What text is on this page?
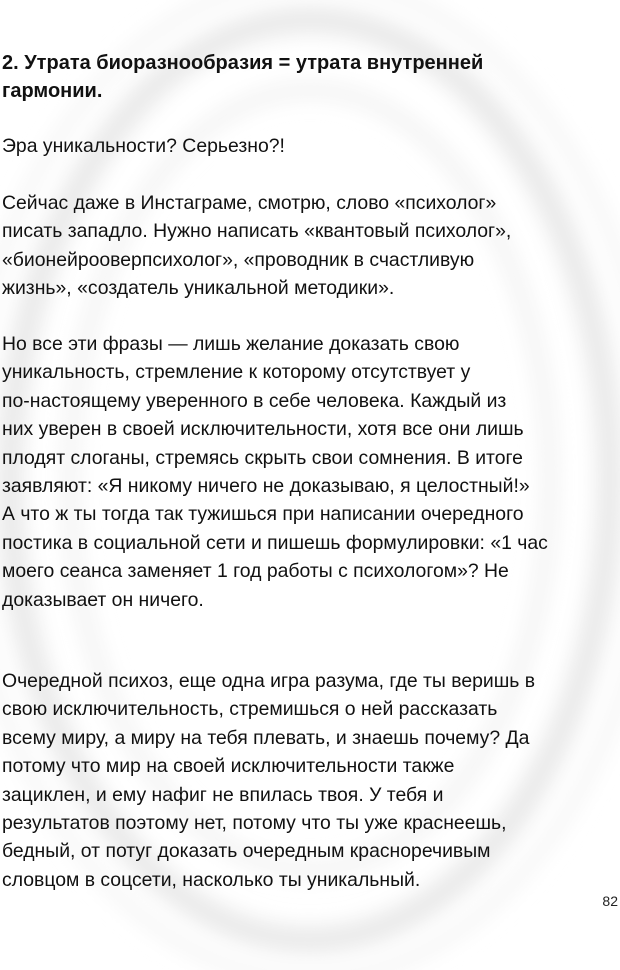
2. Утрата биоразнообразия = утрата внутренней
гармонии.

Эра уникальности? Серьезно?!

Сейчас даже в Инстаграме, смотрю, слово «психолог»
писать западло. Нужно написать «квантовый психолог»,
«бионейрооверпсихолог», «проводник в счастливую
жизнь», «создатель уникальной методики».

Но все эти фразы — лишь желание доказать свою
уникальность, стремление к которому отсутствует у
по-настоящему уверенного в себе человека. Каждый из
них уверен в своей исключительности, хотя все они лишь
плодят слоганы, стремясь скрыть свои сомнения. В итоге
заявляют: «Я никому ничего не доказываю, я целостный!»
А что ж ты тогда так тужишься при написании очередного
постика в социальной сети и пишешь формулировки: «1 час
моего сеанса заменяет 1 год работы с психологом»? Не
доказывает он ничего.

Очередной психоз, еще одна игра разума, где ты веришь в
свою исключительность, стремишься о ней рассказать
всему миру, а миру на тебя плевать, и знаешь почему? Да
потому что мир на своей исключительности также
зациклен, и ему нафиг не впилась твоя. У тебя и
результатов поэтому нет, потому что ты уже краснеешь,
бедный, от потуг доказать очередным красноречивым
словцом в соцсети, насколько ты уникальный.

82
